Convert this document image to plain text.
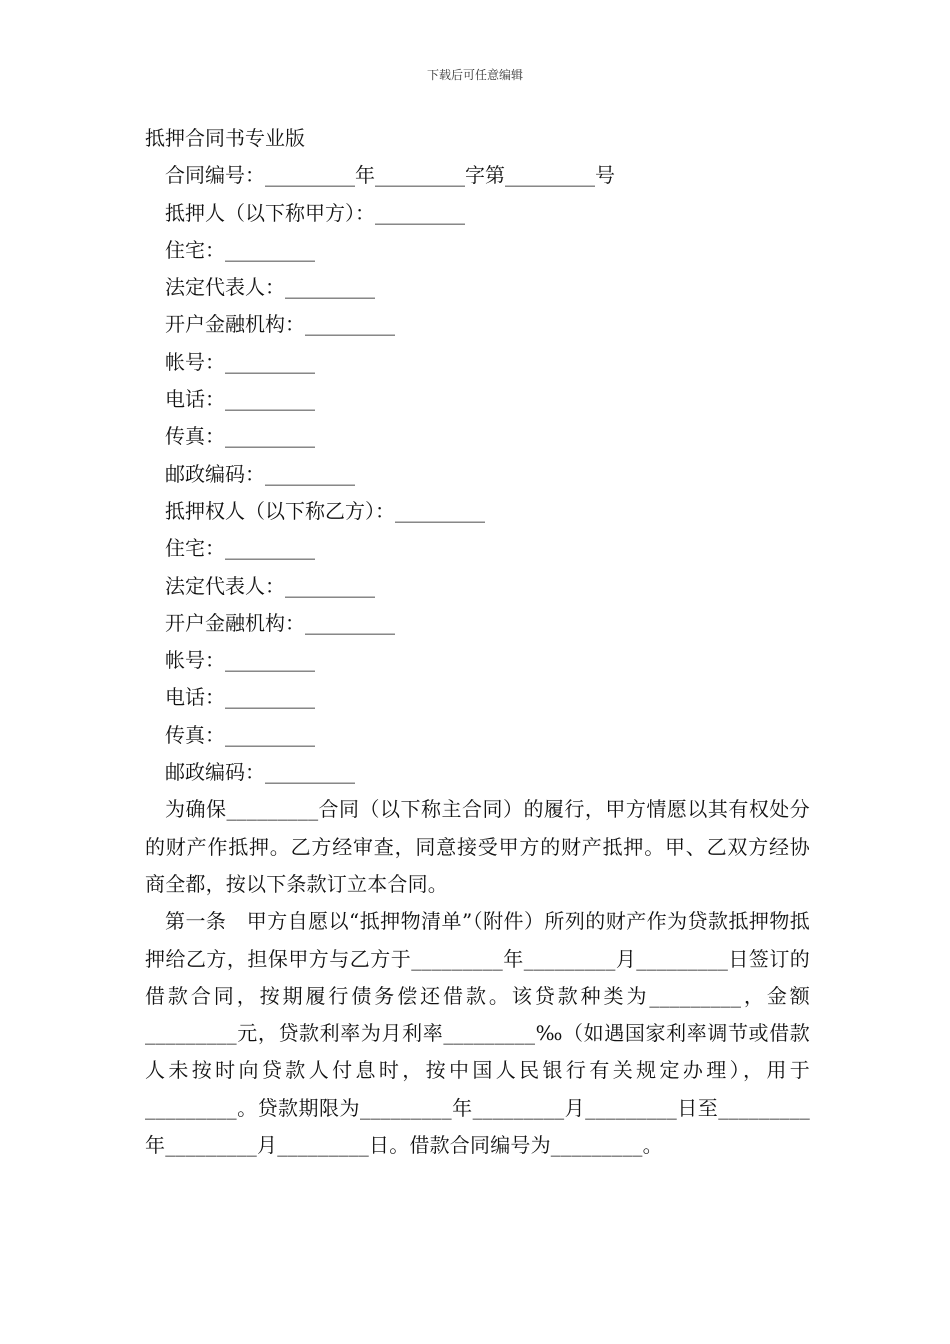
下载后可任意编辑
抵押合同书专业版
合同编号：_________年_________字第_________号
抵押人（以下称甲方）：_________
住宅：_________
法定代表人：_________
开户金融机构：_________
帐号：_________
电话：_________
传真：_________
邮政编码：_________
抵押权人（以下称乙方）：_________
住宅：_________
法定代表人：_________
开户金融机构：_________
帐号：_________
电话：_________
传真：_________
邮政编码：_________

为确保_________合同（以下称主合同）的履行，甲方情愿以其有权处分的财产作抵押。乙方经审查，同意接受甲方的财产抵押。甲、乙双方经协商全都，按以下条款订立本合同。

第一条　甲方自愿以“抵押物清单”（附件）所列的财产作为贷款抵押物抵押给乙方，担保甲方与乙方于_________年_________月_________日签订的借款合同，按期履行债务偿还借款。该贷款种类为_________，金额_________元，贷款利率为月利率_________‰（如遇国家利率调节或借款人未按时向贷款人付息时，按中国人民银行有关规定办理），用于_________。贷款期限为_________年_________月_________日至_________年_________月_________日。借款合同编号为_________。
